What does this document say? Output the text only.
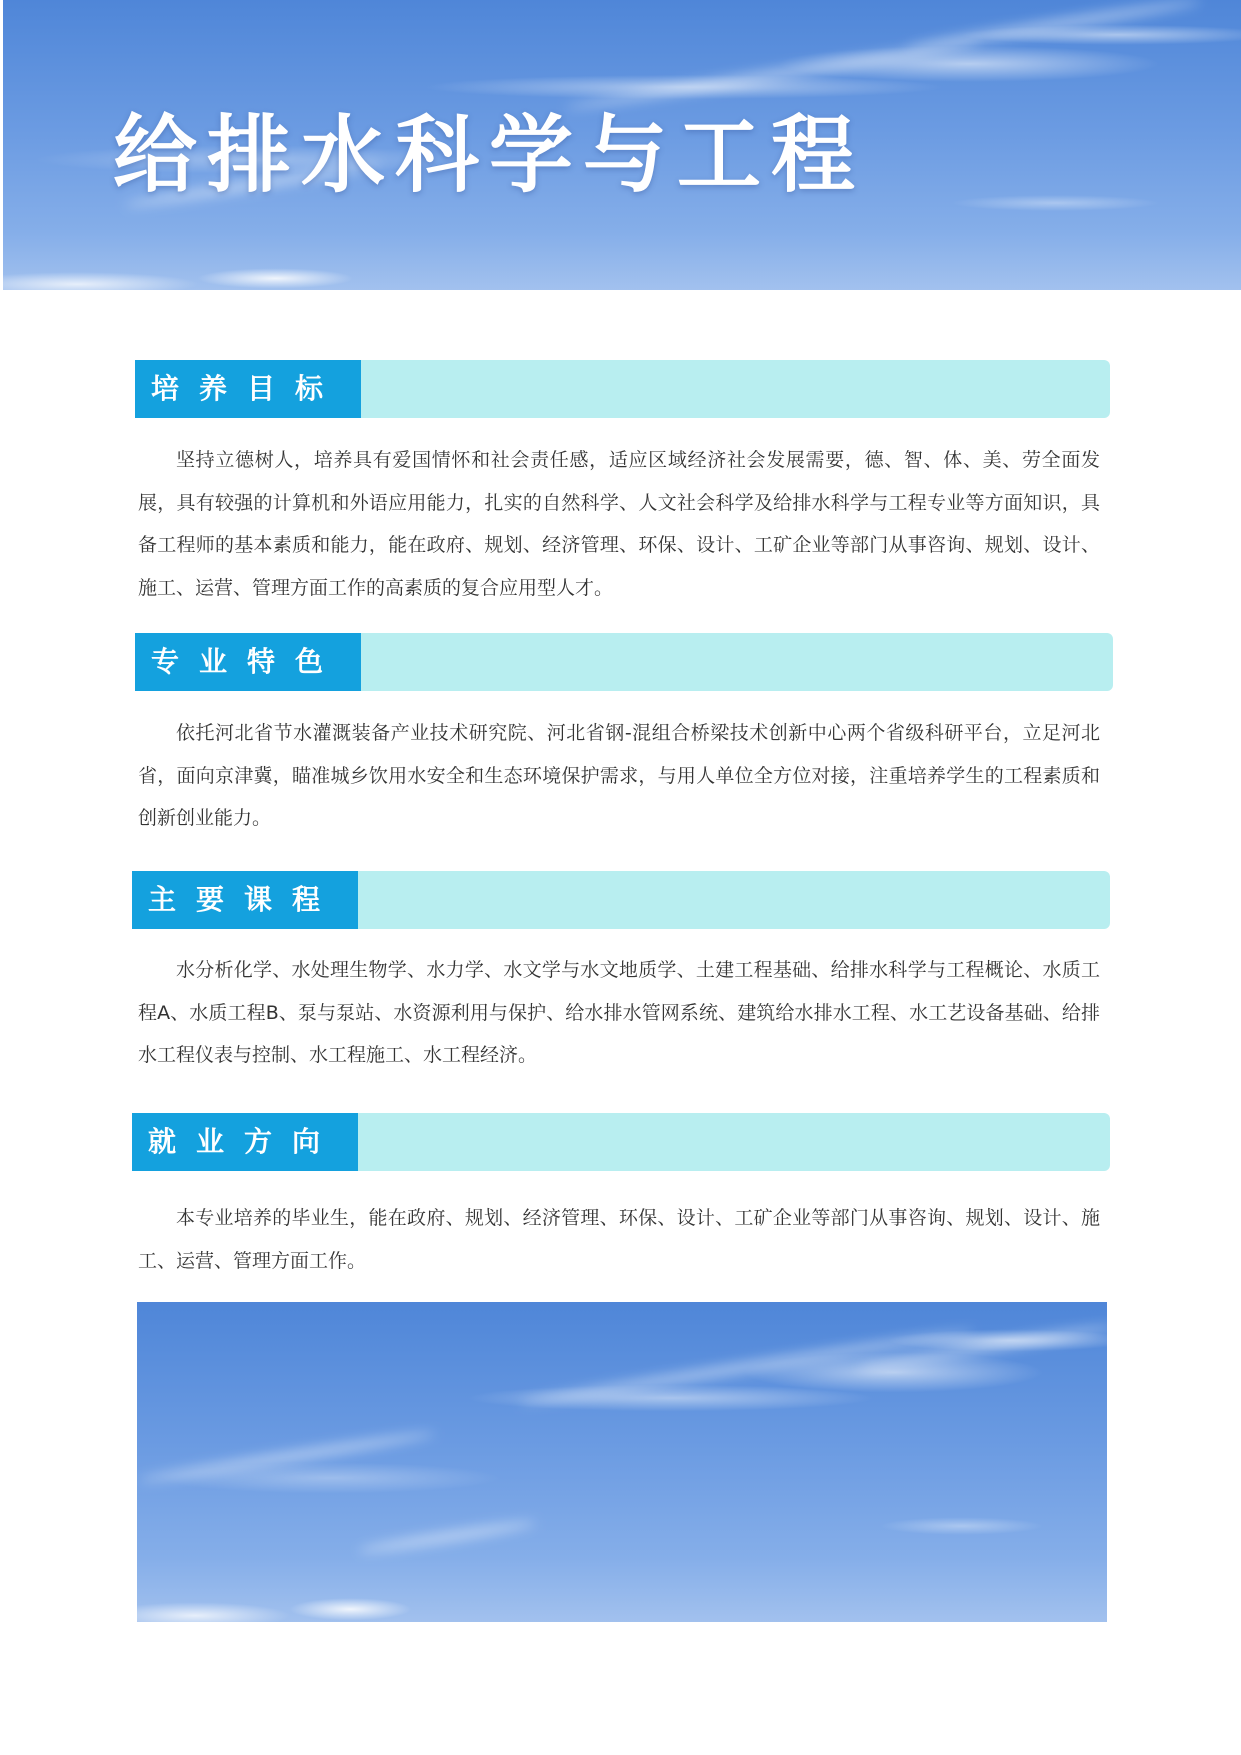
给排水科学与工程
培养目标

坚持立德树人，培养具有爱国情怀和社会责任感，适应区域经济社会发展需要，德、智、体、美、劳全面发展，具有较强的计算机和外语应用能力，扎实的自然科学、人文社会科学及给排水科学与工程专业等方面知识，具备工程师的基本素质和能力，能在政府、规划、经济管理、环保、设计、工矿企业等部门从事咨询、规划、设计、施工、运营、管理方面工作的高素质的复合应用型人才。

专业特色

依托河北省节水灌溉装备产业技术研究院、河北省钢-混组合桥梁技术创新中心两个省级科研平台，立足河北省，面向京津冀，瞄准城乡饮用水安全和生态环境保护需求，与用人单位全方位对接，注重培养学生的工程素质和创新创业能力。

主要课程

水分析化学、水处理生物学、水力学、水文学与水文地质学、土建工程基础、给排水科学与工程概论、水质工程A、水质工程B、泵与泵站、水资源利用与保护、给水排水管网系统、建筑给水排水工程、水工艺设备基础、给排水工程仪表与控制、水工程施工、水工程经济。

就业方向

本专业培养的毕业生，能在政府、规划、经济管理、环保、设计、工矿企业等部门从事咨询、规划、设计、施工、运营、管理方面工作。
